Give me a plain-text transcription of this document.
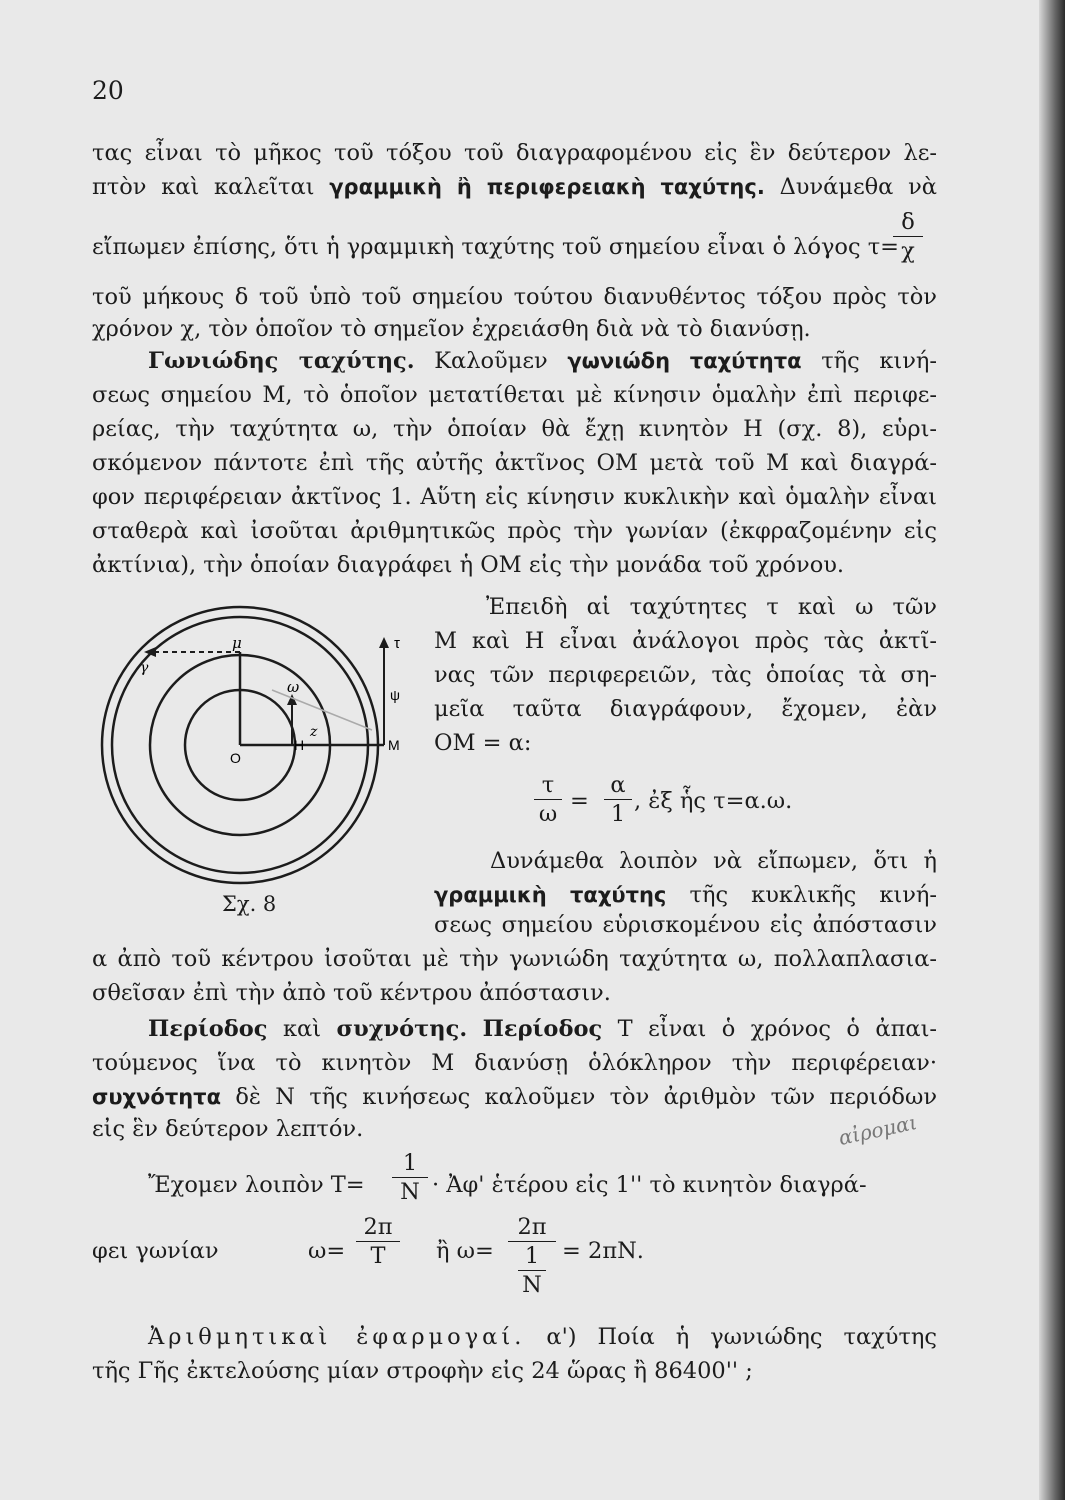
20
τας εἶναι τὸ μῆκος τοῦ τόξου τοῦ διαγραφομένου εἰς ἓν δεύτερον λε-
πτὸν καὶ καλεῖται γραμμικὴ ἢ περιφερειακὴ ταχύτης. Δυνάμεθα νὰ
εἴπωμεν ἐπίσης, ὅτι ἡ γραμμικὴ ταχύτης τοῦ σημείου εἶναι ὁ λόγος τ=
δ
χ
τοῦ μήκους δ τοῦ ὑπὸ τοῦ σημείου τούτου διανυθέντος τόξου πρὸς τὸν
χρόνον χ, τὸν ὁποῖον τὸ σημεῖον ἐχρειάσθη διὰ νὰ τὸ διανύσῃ.
Γωνιώδης ταχύτης. Καλοῦμεν γωνιώδη ταχύτητα τῆς κινή-
σεως σημείου Μ, τὸ ὁποῖον μετατίθεται μὲ κίνησιν ὁμαλὴν ἐπὶ περιφε-
ρείας, τὴν ταχύτητα ω, τὴν ὁποίαν θὰ ἔχῃ κινητὸν Η (σχ. 8), εὑρι-
σκόμενον πάντοτε ἐπὶ τῆς αὐτῆς ἀκτῖνος ΟΜ μετὰ τοῦ Μ καὶ διαγρά-
φον περιφέρειαν ἀκτῖνος 1. Αὕτη εἰς κίνησιν κυκλικὴν καὶ ὁμαλὴν εἶναι
σταθερὰ καὶ ἰσοῦται ἀριθμητικῶς πρὸς τὴν γωνίαν (ἐκφραζομένην εἰς
ἀκτίνια), τὴν ὁποίαν διαγράφει ἡ ΟΜ εἰς τὴν μονάδα τοῦ χρόνου.
μ
γ
ω
z
Ο
Η	Μ
τ
ψ
Σχ. 8
Ἐπειδὴ αἱ ταχύτητες τ καὶ ω τῶν
Μ καὶ Η εἶναι ἀνάλογοι πρὸς τὰς ἀκτῖ-
νας τῶν περιφερειῶν, τὰς ὁποίας τὰ ση-
μεῖα ταῦτα διαγράφουν, ἔχομεν, ἐὰν
ΟΜ = α:
τ
ω =
α
1 , ἐξ ἧς τ=α.ω.
Δυνάμεθα λοιπὸν νὰ εἴπωμεν, ὅτι ἡ
γραμμικὴ ταχύτης τῆς κυκλικῆς κινή-
σεως σημείου εὑρισκομένου εἰς ἀπόστασιν
α ἀπὸ τοῦ κέντρου ἰσοῦται μὲ τὴν γωνιώδη ταχύτητα ω, πολλαπλασια-
σθεῖσαν ἐπὶ τὴν ἀπὸ τοῦ κέντρου ἀπόστασιν.
Περίοδος καὶ συχνότης. Περίοδος Τ εἶναι ὁ χρόνος ὁ ἀπαι-
τούμενος ἵνα τὸ κινητὸν Μ διανύσῃ ὁλόκληρον τὴν περιφέρειαν·
συχνότητα δὲ Ν τῆς κινήσεως καλοῦμεν τὸν ἀριθμὸν τῶν περιόδων
εἰς ἓν δεύτερον λεπτόν.
Ἔχομεν λοιπὸν Τ=
1
Ν · Ἀφ' ἑτέρου εἰς 1'' τὸ κινητὸν διαγρά-
φει γωνίαν	ω=
2π
Τ	ἢ ω=
2π
1
Ν
= 2πΝ.
Ἀριθμητικαὶ ἐφαρμογαί. α') Ποία ἡ γωνιώδης ταχύτης
τῆς Γῆς ἐκτελούσης μίαν στροφὴν εἰς 24 ὥρας ἢ 86400'' ;
αἰρομαι
